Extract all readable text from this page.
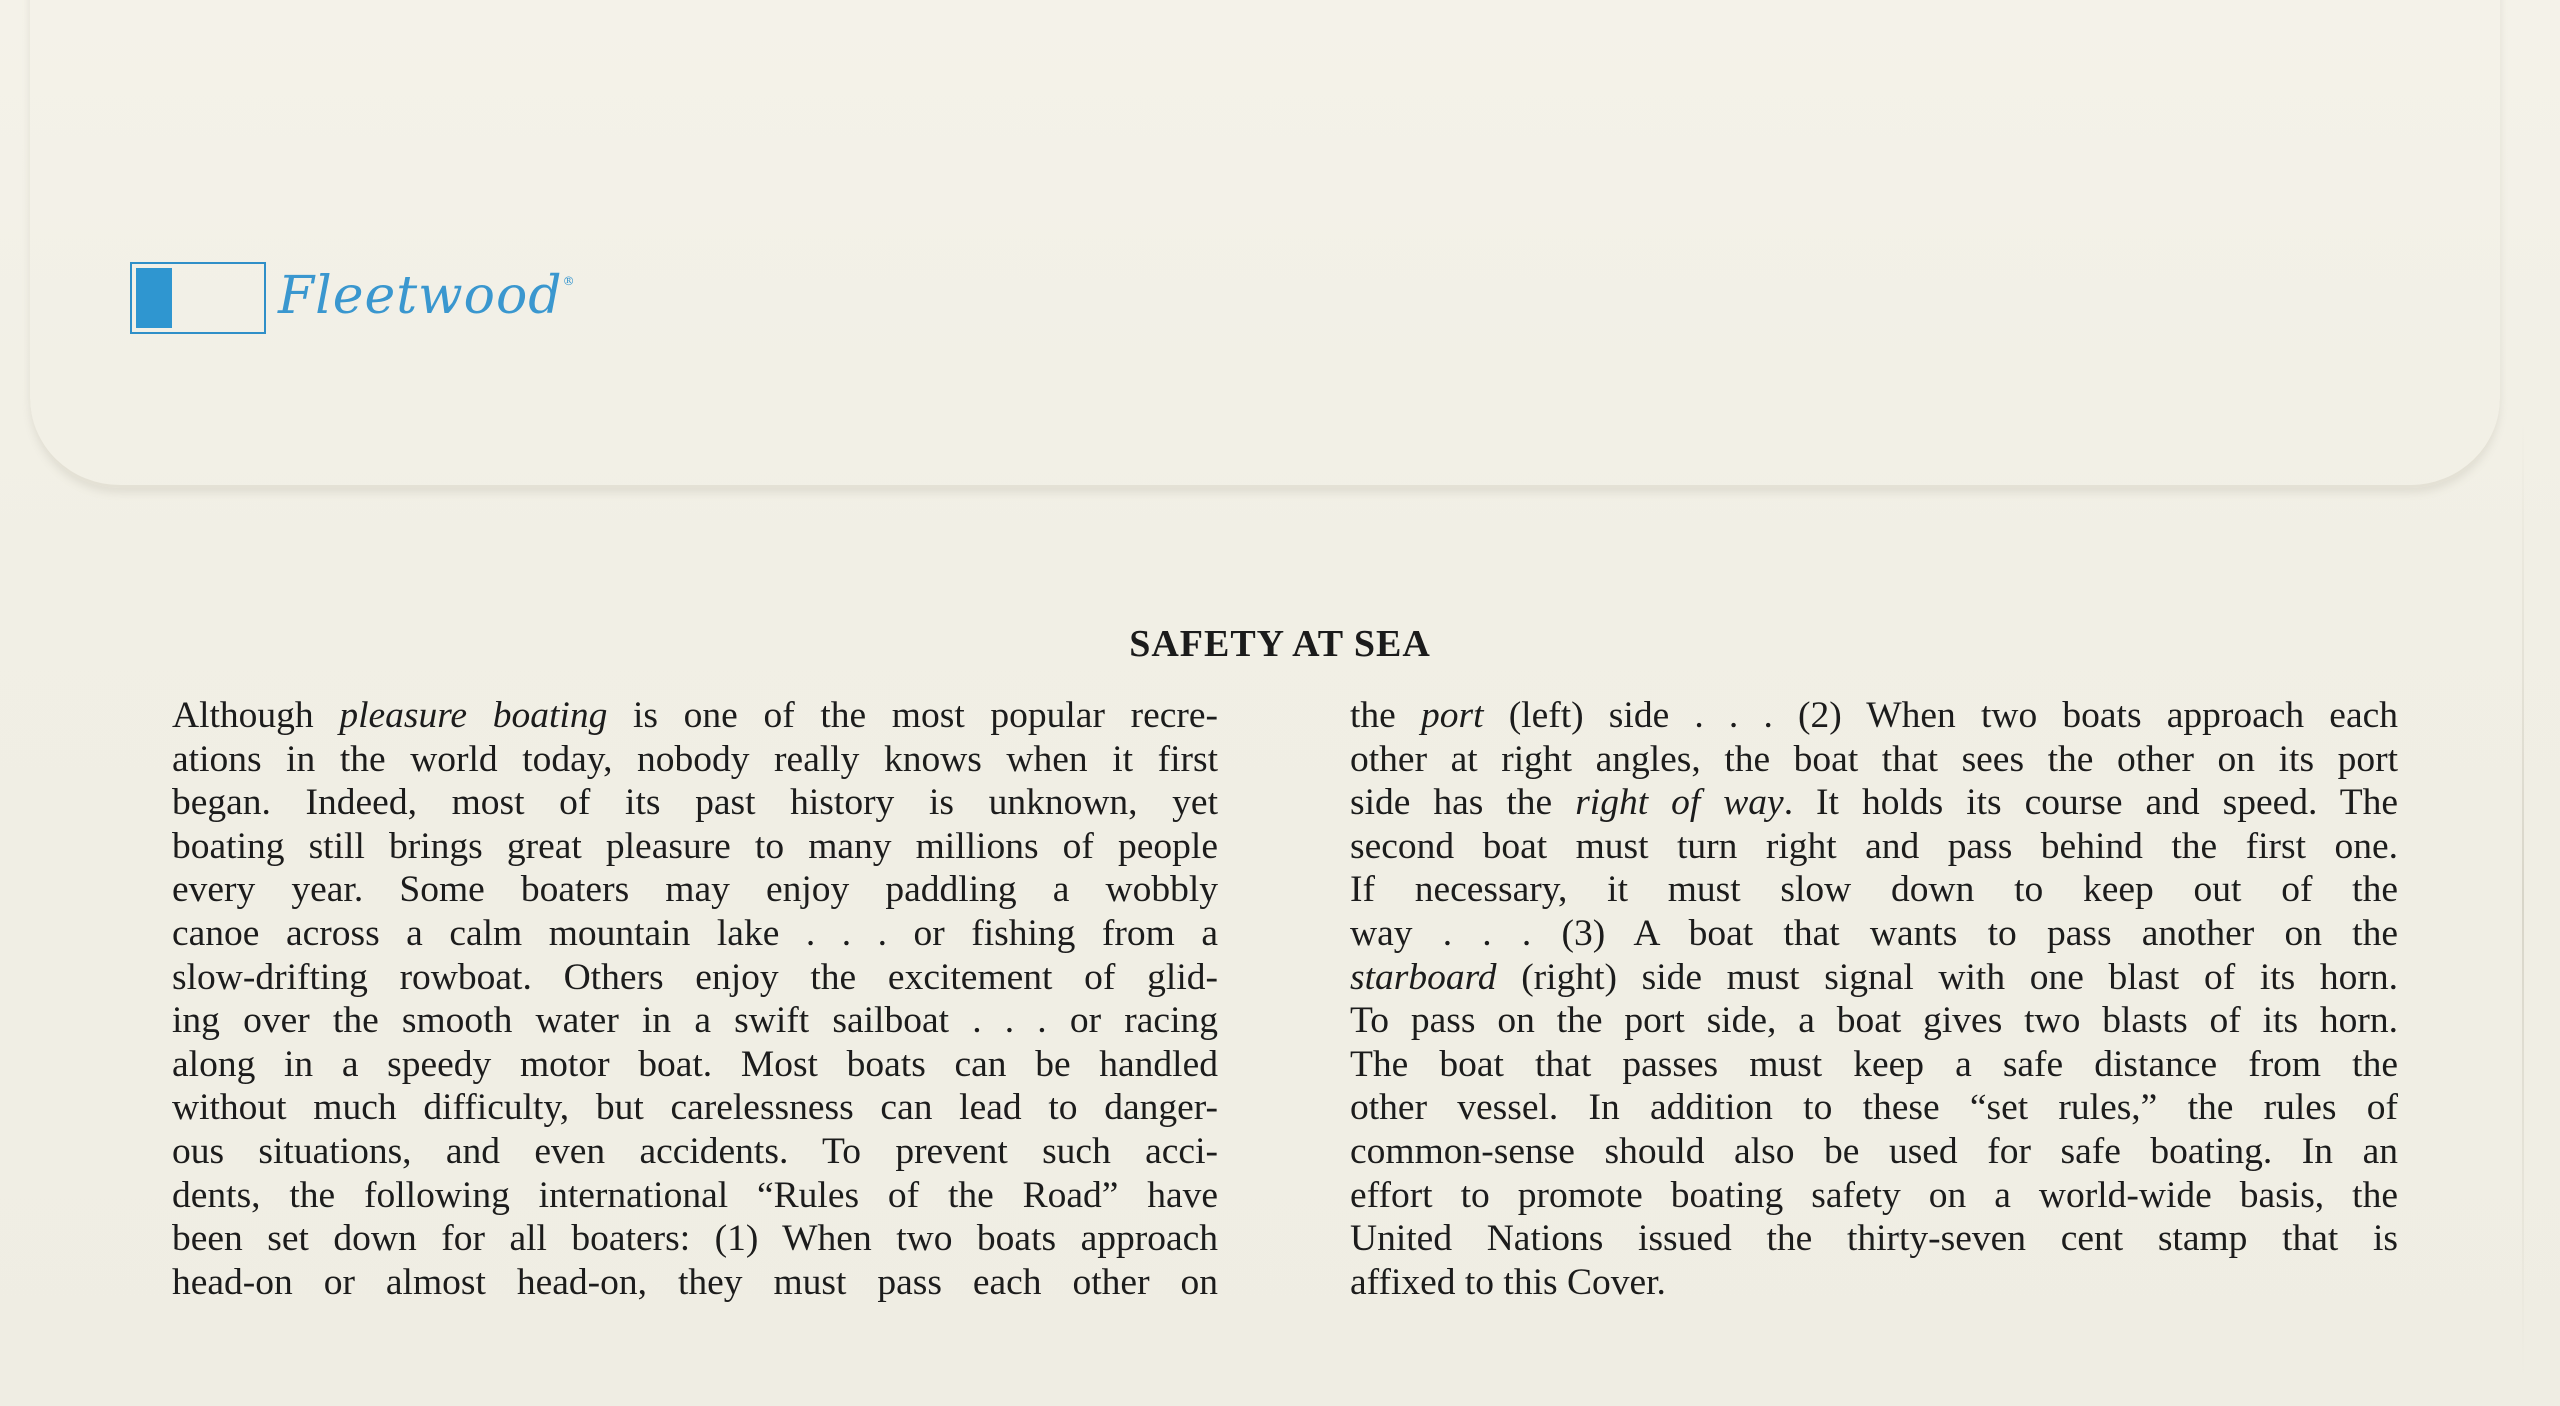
Fleetwood®
SAFETY AT SEA
Although pleasure boating is one of the most popular recre-
ations in the world today, nobody really knows when it first
began. Indeed, most of its past history is unknown, yet
boating still brings great pleasure to many millions of people
every year. Some boaters may enjoy paddling a wobbly
canoe across a calm mountain lake . . . or fishing from a
slow-drifting rowboat. Others enjoy the excitement of glid-
ing over the smooth water in a swift sailboat . . . or racing
along in a speedy motor boat. Most boats can be handled
without much difficulty, but carelessness can lead to danger-
ous situations, and even accidents. To prevent such acci-
dents, the following international “Rules of the Road” have
been set down for all boaters: (1) When two boats approach
head-on or almost head-on, they must pass each other on
the port (left) side . . . (2) When two boats approach each
other at right angles, the boat that sees the other on its port
side has the right of way. It holds its course and speed. The
second boat must turn right and pass behind the first one.
If necessary, it must slow down to keep out of the
way . . . (3) A boat that wants to pass another on the
starboard (right) side must signal with one blast of its horn.
To pass on the port side, a boat gives two blasts of its horn.
The boat that passes must keep a safe distance from the
other vessel. In addition to these “set rules,” the rules of
common-sense should also be used for safe boating. In an
effort to promote boating safety on a world-wide basis, the
United Nations issued the thirty-seven cent stamp that is
affixed to this Cover.
